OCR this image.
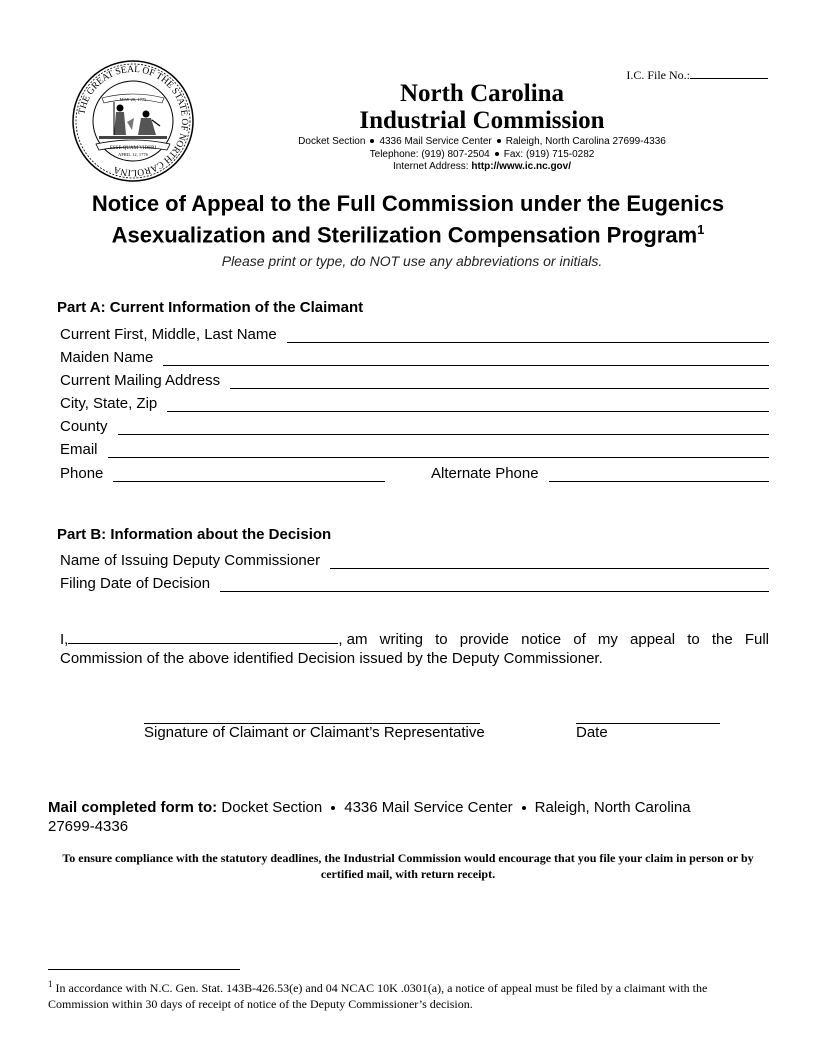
THE GREAT SEAL OF THE STATE OF NORTH CAROLINA
ESSE QUAM VIDERI
MAY 20, 1775
APRIL 12, 1776
I.C. File No.:
North Carolina
Industrial Commission
Docket Section 4336 Mail Service Center Raleigh, North Carolina 27699-4336
Telephone: (919) 807-2504 Fax: (919) 715-0282
Internet Address: http://www.ic.nc.gov/
Notice of Appeal to the Full Commission under the Eugenics
Asexualization and Sterilization Compensation Program$^1$
Please print or type, do NOT use any abbreviations or initials.
Part A: Current Information of the Claimant
Current First, Middle, Last Name
Maiden Name
Current Mailing Address
City, State, Zip
County
Email
Phone	Alternate Phone
Part B: Information about the Decision
Name of Issuing Deputy Commissioner
Filing Date of Decision
I,	, am writing to provide notice of my appeal to the Full
Commission of the above identified Decision issued by the Deputy Commissioner.
Signature of Claimant or Claimant’s Representative	Date
Mail completed form to: Docket Section 4336 Mail Service Center Raleigh, North Carolina
27699-4336
To ensure compliance with the statutory deadlines, the Industrial Commission would encourage that you file your claim in person or by certified mail, with return receipt.
$^1$ In accordance with N.C. Gen. Stat. 143B-426.53(e) and 04 NCAC 10K .0301(a), a notice of appeal must be filed by a claimant with the Commission within 30 days of receipt of notice of the Deputy Commissioner’s decision.
